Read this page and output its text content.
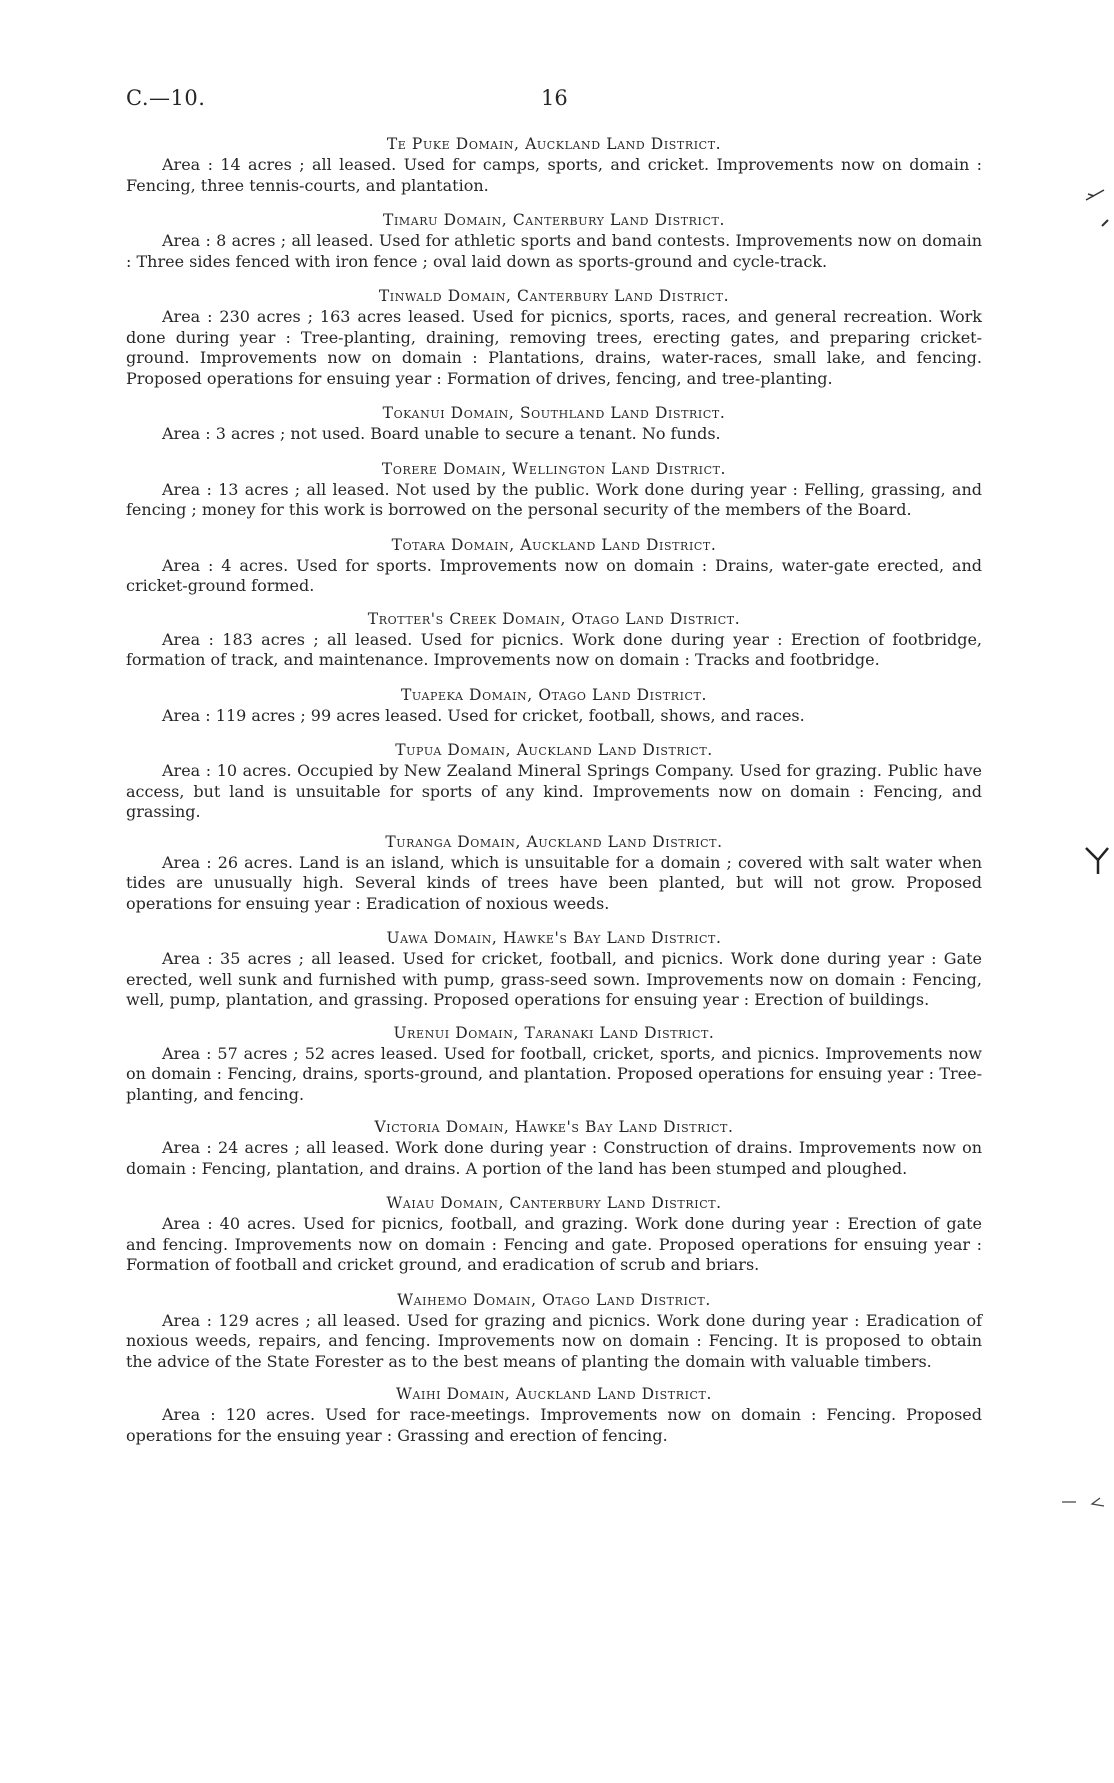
C.—10.	16
Te Puke Domain, Auckland Land District.

Area : 14 acres ; all leased. Used for camps, sports, and cricket. Improvements now on domain : Fencing, three tennis-courts, and plantation.

Timaru Domain, Canterbury Land District.

Area : 8 acres ; all leased. Used for athletic sports and band contests. Improvements now on domain : Three sides fenced with iron fence ; oval laid down as sports-ground and cycle-track.

Tinwald Domain, Canterbury Land District.

Area : 230 acres ; 163 acres leased. Used for picnics, sports, races, and general recreation. Work done during year : Tree-planting, draining, removing trees, erecting gates, and preparing cricket-ground. Improvements now on domain : Plantations, drains, water-races, small lake, and fencing. Proposed operations for ensuing year : Formation of drives, fencing, and tree-planting.

Tokanui Domain, Southland Land District.

Area : 3 acres ; not used. Board unable to secure a tenant. No funds.

Torere Domain, Wellington Land District.

Area : 13 acres ; all leased. Not used by the public. Work done during year : Felling, grassing, and fencing ; money for this work is borrowed on the personal security of the members of the Board.

Totara Domain, Auckland Land District.

Area : 4 acres. Used for sports. Improvements now on domain : Drains, water-gate erected, and cricket-ground formed.

Trotter's Creek Domain, Otago Land District.

Area : 183 acres ; all leased. Used for picnics. Work done during year : Erection of footbridge, formation of track, and maintenance. Improvements now on domain : Tracks and footbridge.

Tuapeka Domain, Otago Land District.

Area : 119 acres ; 99 acres leased. Used for cricket, football, shows, and races.

Tupua Domain, Auckland Land District.

Area : 10 acres. Occupied by New Zealand Mineral Springs Company. Used for grazing. Public have access, but land is unsuitable for sports of any kind. Improvements now on domain : Fencing, and grassing.

Turanga Domain, Auckland Land District.

Area : 26 acres. Land is an island, which is unsuitable for a domain ; covered with salt water when tides are unusually high. Several kinds of trees have been planted, but will not grow. Proposed operations for ensuing year : Eradication of noxious weeds.

Uawa Domain, Hawke's Bay Land District.

Area : 35 acres ; all leased. Used for cricket, football, and picnics. Work done during year : Gate erected, well sunk and furnished with pump, grass-seed sown. Improvements now on domain : Fencing, well, pump, plantation, and grassing. Proposed operations for ensuing year : Erection of buildings.

Urenui Domain, Taranaki Land District.

Area : 57 acres ; 52 acres leased. Used for football, cricket, sports, and picnics. Improvements now on domain : Fencing, drains, sports-ground, and plantation. Proposed operations for ensuing year : Tree-planting, and fencing.

Victoria Domain, Hawke's Bay Land District.

Area : 24 acres ; all leased. Work done during year : Construction of drains. Improvements now on domain : Fencing, plantation, and drains. A portion of the land has been stumped and ploughed.

Waiau Domain, Canterbury Land District.

Area : 40 acres. Used for picnics, football, and grazing. Work done during year : Erection of gate and fencing. Improvements now on domain : Fencing and gate. Proposed operations for ensuing year : Formation of football and cricket ground, and eradication of scrub and briars.

Waihemo Domain, Otago Land District.

Area : 129 acres ; all leased. Used for grazing and picnics. Work done during year : Eradication of noxious weeds, repairs, and fencing. Improvements now on domain : Fencing. It is proposed to obtain the advice of the State Forester as to the best means of planting the domain with valuable timbers.

Waihi Domain, Auckland Land District.

Area : 120 acres. Used for race-meetings. Improvements now on domain : Fencing. Proposed operations for the ensuing year : Grassing and erection of fencing.
